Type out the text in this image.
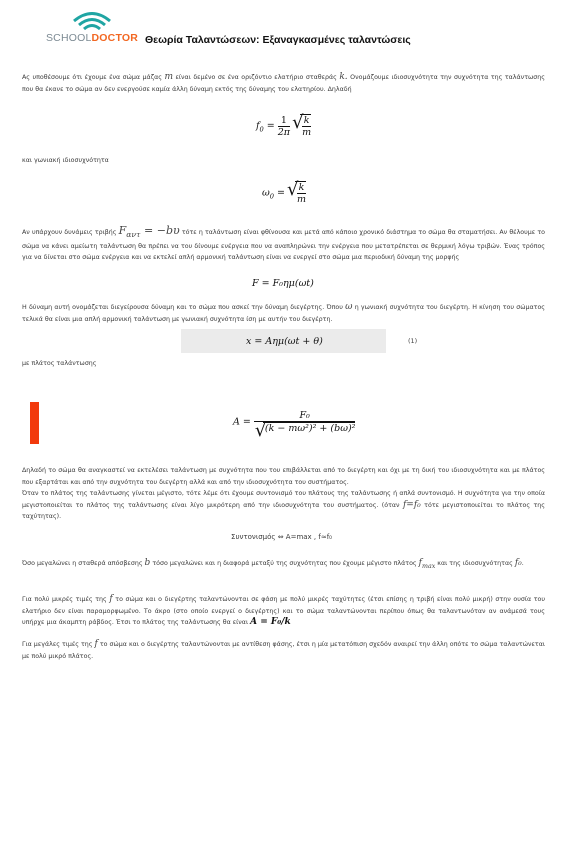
SCHOOLDOCTOR Θεωρία Ταλαντώσεων: Εξαναγκασμένες ταλαντώσεις
Ας υποθέσουμε ότι έχουμε ένα σώμα μάζας m είναι δεμένο σε ένα οριζόντιο ελατήριο σταθεράς k. Ονομάζουμε ιδιοσυχνότητα την συχνότητα της ταλάντωσης που θα έκανε το σώμα αν δεν ενεργούσε καμία άλλη δύναμη εκτός της δύναμης του ελατηρίου. Δηλαδή
$f_0 = \frac{1}{2\pi}$
√ $\frac{k}{m}$
και γωνιακή ιδιοσυχνότητα
$\omega_0$ = √ $\frac{k}{m}$
Αν υπάρχουν δυνάμεις τριβής $F_{\alpha\nu\tau} = -b\upsilon$ τότε η ταλάντωση είναι φθίνουσα και μετά από κάποιο χρονικό διάστημα το σώμα θα σταματήσει. Αν θέλουμε το σώμα να κάνει αμείωτη ταλάντωση θα πρέπει να του δίνουμε ενέργεια που να αναπληρώνει την ενέργεια που μετατρέπεται σε θερμική λόγω τριβών. Ένας τρόπος για να δίνεται στο σώμα ενέργεια και να εκτελεί απλή αρμονική ταλάντωση είναι να ενεργεί στο σώμα μια περιοδική δύναμη της μορφής
F = F₀ημ(ωt)
Η δύναμη αυτή ονομάζεται διεγείρουσα δύναμη και το σώμα που ασκεί την δύναμη διεγέρτης. Όπου ω η γωνιακή συχνότητα του διεγέρτη. Η κίνηση του σώματος τελικά θα είναι μια απλή αρμονική ταλάντωση με γωνιακή συχνότητα ίση με αυτήν του διεγέρτη.
x = Aημ(ωt + θ)	(1)
με πλάτος ταλάντωσης
A = F₀
√ (k − mω²)² + (bω)²
Δηλαδή το σώμα θα αναγκαστεί να εκτελέσει ταλάντωση με συχνότητα που του επιβάλλεται από το διεγέρτη και όχι με τη δική του ιδιοσυχνότητα και με πλάτος που εξαρτάται και από την συχνότητα του διεγέρτη αλλά και από την ιδιοσυχνότητα του συστήματος.
Όταν το πλάτος της ταλάντωσης γίνεται μέγιστο, τότε λέμε ότι έχουμε συντονισμό του πλάτους της ταλάντωσης ή απλά συντονισμό. Η συχνότητα για την οποία μεγιστοποιείται το πλάτος της ταλάντωσης είναι λίγο μικρότερη από την ιδιοσυχνότητα του συστήματος. (όταν f=f₀ τότε μεγιστοποιείται το πλάτος της ταχύτητας).
Συντονισμός ⇔ A=max , f≈f₀
Όσο μεγαλώνει η σταθερά απόσβεσης b τόσο μεγαλώνει και η διαφορά μεταξύ της συχνότητας που έχουμε μέγιστο πλάτος $f_{max}$ και της ιδιοσυχνότητας f₀.
Για πολύ μικρές τιμές της f το σώμα και ο διεγέρτης ταλαντώνονται σε φάση με πολύ μικρές ταχύτητες (έτσι επίσης η τριβή είναι πολύ μικρή) στην ουσία του ελατήριο δεν είναι παραμορφωμένο. Το άκρο (στο οποίο ενεργεί ο διεγέρτης) και το σώμα ταλαντώνονται περίπου όπως θα ταλαντωνόταν αν ανάμεσά τους υπήρχε μια άκαμπτη ράβδος. Έτσι το πλάτος της ταλάντωσης θα είναι A = F₀/k
Για μεγάλες τιμές της f το σώμα και ο διεγέρτης ταλαντώνονται με αντίθεση φάσης, έτσι η μία μετατόπιση σχεδόν αναιρεί την άλλη οπότε το σώμα ταλαντώνεται με πολύ μικρό πλάτος.
